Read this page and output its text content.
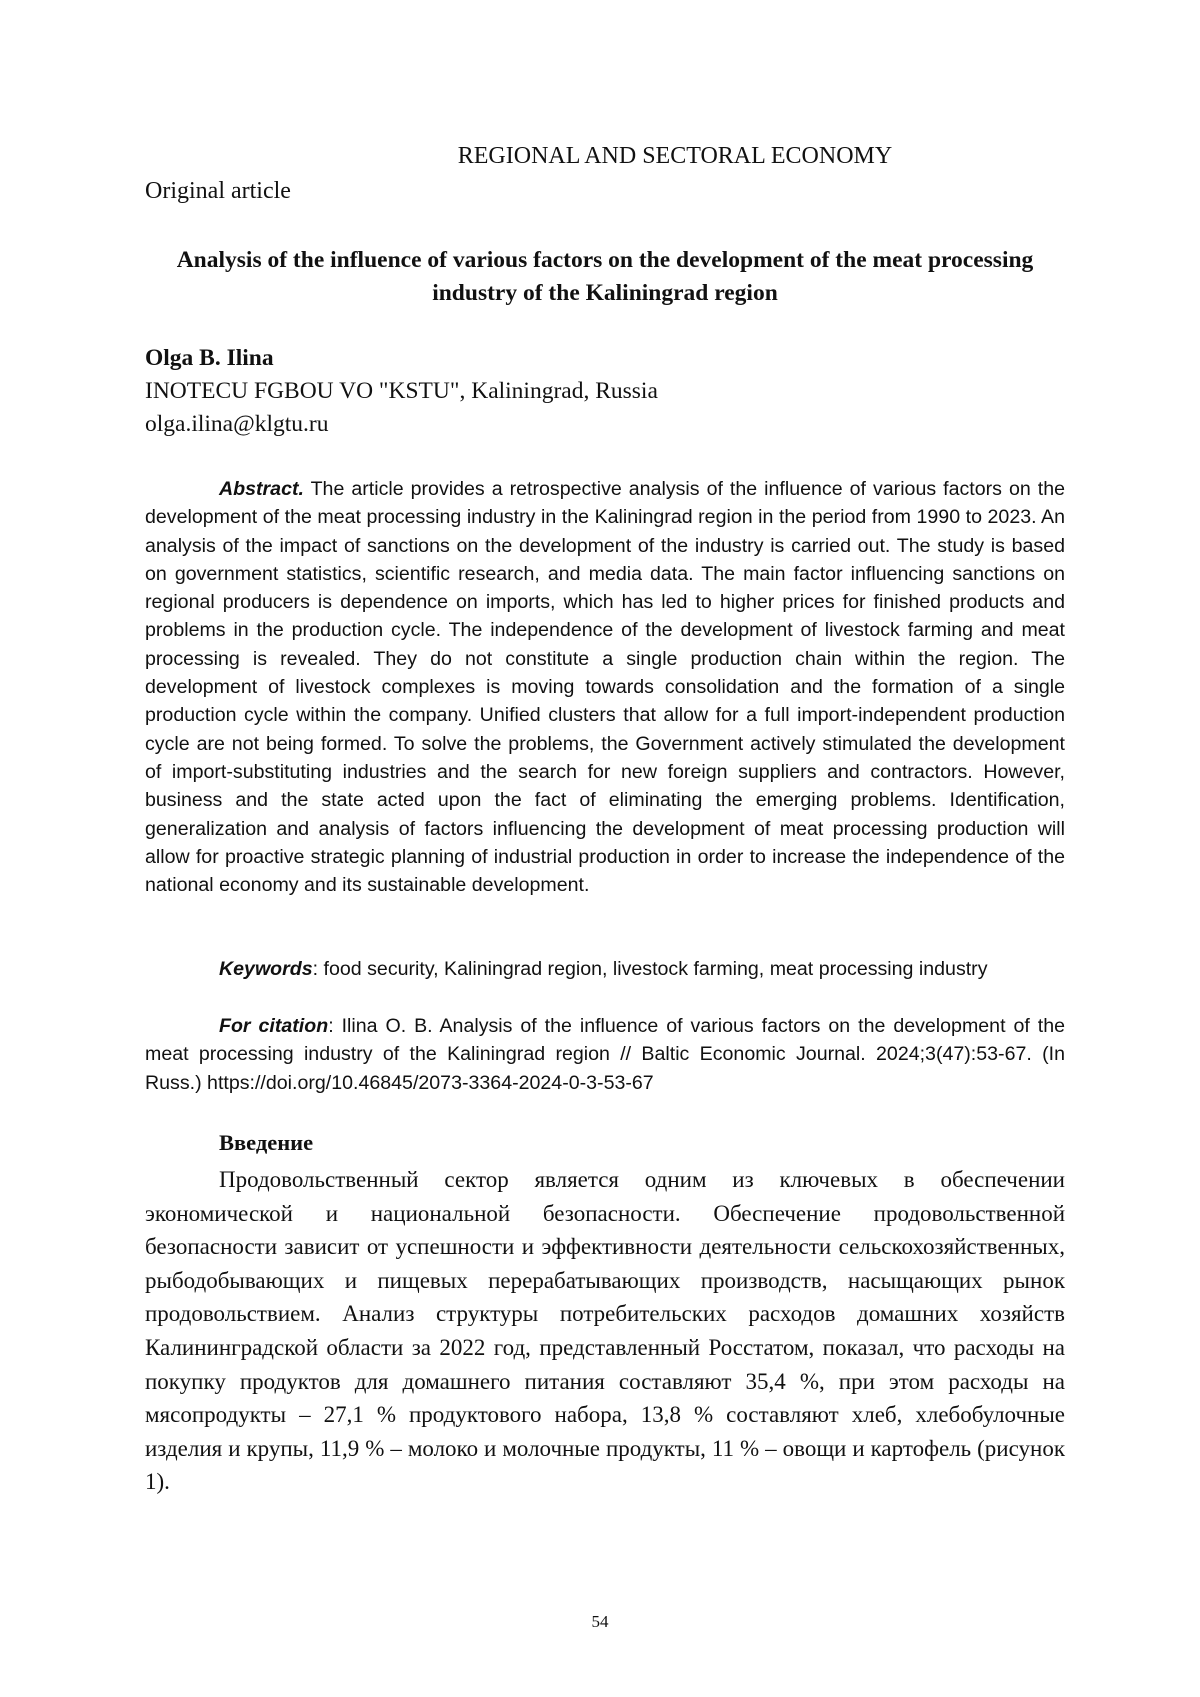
REGIONAL AND SECTORAL ECONOMY
Original article
Analysis of the influence of various factors on the development of the meat processing industry of the Kaliningrad region
Olga B. Ilina
INOTECU FGBOU VO "KSTU", Kaliningrad, Russia
olga.ilina@klgtu.ru
Abstract. The article provides a retrospective analysis of the influence of various factors on the development of the meat processing industry in the Kaliningrad region in the period from 1990 to 2023. An analysis of the impact of sanctions on the development of the industry is carried out. The study is based on government statistics, scientific research, and media data. The main factor influencing sanctions on regional producers is dependence on imports, which has led to higher prices for finished products and problems in the production cycle. The independence of the development of livestock farming and meat processing is revealed. They do not constitute a single production chain within the region. The development of livestock complexes is moving towards consolidation and the formation of a single production cycle within the company. Unified clusters that allow for a full import-independent production cycle are not being formed. To solve the problems, the Government actively stimulated the development of import-substituting industries and the search for new foreign suppliers and contractors. However, business and the state acted upon the fact of eliminating the emerging problems. Identification, generalization and analysis of factors influencing the development of meat processing production will allow for proactive strategic planning of industrial production in order to increase the independence of the national economy and its sustainable development.
Keywords: food security, Kaliningrad region, livestock farming, meat processing industry
For citation: Ilina O. B. Analysis of the influence of various factors on the development of the meat processing industry of the Kaliningrad region // Baltic Economic Journal. 2024;3(47):53-67. (In Russ.) https://doi.org/10.46845/2073-3364-2024-0-3-53-67
Введение
Продовольственный сектор является одним из ключевых в обеспечении экономической и национальной безопасности. Обеспечение продовольственной безопасности зависит от успешности и эффективности деятельности сельскохозяйственных, рыбодобывающих и пищевых перерабатывающих производств, насыщающих рынок продовольствием. Анализ структуры потребительских расходов домашних хозяйств Калининградской области за 2022 год, представленный Росстатом, показал, что расходы на покупку продуктов для домашнего питания составляют 35,4 %, при этом расходы на мясопродукты – 27,1 % продуктового набора, 13,8 % составляют хлеб, хлебобулочные изделия и крупы, 11,9 % – молоко и молочные продукты, 11 % – овощи и картофель (рисунок 1).
54
